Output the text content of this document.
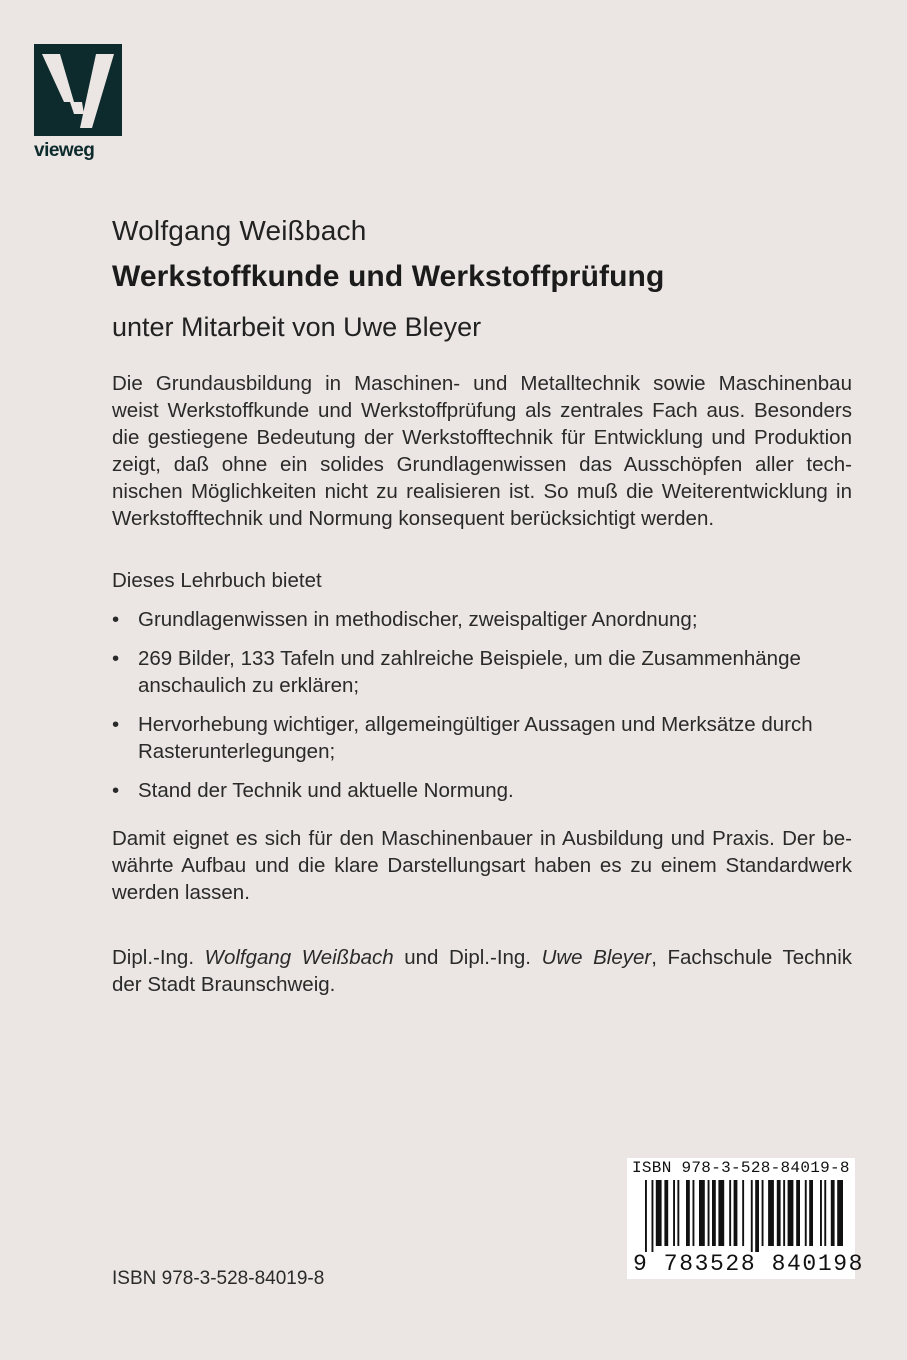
vieweg
Wolfgang Weißbach
Werkstoffkunde und Werkstoffprüfung
unter Mitarbeit von Uwe Bleyer
Die Grundausbildung in Maschinen- und Metalltechnik sowie Maschinenbau
weist Werkstoffkunde und Werkstoffprüfung als zentrales Fach aus. Besonders
die gestiegene Bedeutung der Werkstofftechnik für Entwicklung und Produktion
zeigt, daß ohne ein solides Grundlagenwissen das Ausschöpfen aller tech-
nischen Möglichkeiten nicht zu realisieren ist. So muß die Weiterentwicklung in
Werkstofftechnik und Normung konsequent berücksichtigt werden.
Dieses Lehrbuch bietet
• Grundlagenwissen in methodischer, zweispaltiger Anordnung;
• 269 Bilder, 133 Tafeln und zahlreiche Beispiele, um die Zusammenhänge anschaulich zu erklären;
• Hervorhebung wichtiger, allgemeingültiger Aussagen und Merksätze durch Rasterunterlegungen;
• Stand der Technik und aktuelle Normung.
Damit eignet es sich für den Maschinenbauer in Ausbildung und Praxis. Der be-
währte Aufbau und die klare Darstellungsart haben es zu einem Standardwerk
werden lassen.
Dipl.-Ing. Wolfgang Weißbach und Dipl.-Ing. Uwe Bleyer, Fachschule Technik
der Stadt Braunschweig.
ISBN 978-3-528-84019-8
9 783528 840198
ISBN 978-3-528-84019-8
